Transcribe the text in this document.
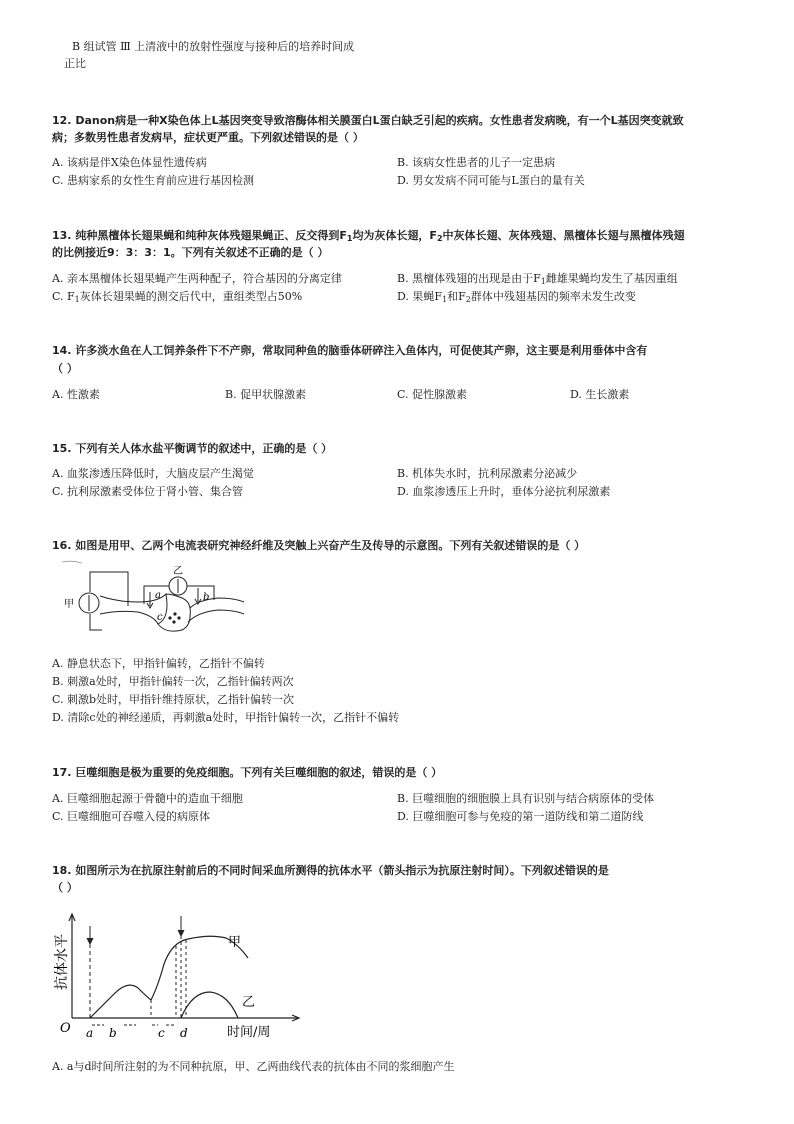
B 组试管 Ⅲ 上清液中的放射性强度与接种后的培养时间成
正比
12. Danon病是一种X染色体上L基因突变导致溶酶体相关膜蛋白L蛋白缺乏引起的疾病。女性患者发病晚，有一个L基因突变就致
病；多数男性患者发病早，症状更严重。下列叙述错误的是（ ）
A. 该病是伴X染色体显性遗传病	B. 该病女性患者的儿子一定患病
C. 患病家系的女性生育前应进行基因检测	D. 男女发病不同可能与L蛋白的量有关
13. 纯种黑檀体长翅果蝇和纯种灰体残翅果蝇正、反交得到$F_1$均为灰体长翅，$F_2$中灰体长翅、灰体残翅、黑檀体长翅与黑檀体残翅
的比例接近9：3：3：1。下列有关叙述不正确的是（ ）
A. 亲本黑檀体长翅果蝇产生两种配子，符合基因的分离定律	B. 黑檀体残翅的出现是由于$F_1$雌雄果蝇均发生了基因重组
C. $F_1$灰体长翅果蝇的测交后代中，重组类型占50%	D. 果蝇$F_1$和$F_2$群体中残翅基因的频率未发生改变
14. 许多淡水鱼在人工饲养条件下不产卵，常取同种鱼的脑垂体研碎注入鱼体内，可促使其产卵，这主要是利用垂体中含有
（ ）
A. 性激素	B. 促甲状腺激素	C. 促性腺激素	D. 生长激素
15. 下列有关人体水盐平衡调节的叙述中，正确的是（ ）
A. 血浆渗透压降低时，大脑皮层产生渴觉	B. 机体失水时，抗利尿激素分泌减少
C. 抗利尿激素受体位于肾小管、集合管	D. 血浆渗透压上升时，垂体分泌抗利尿激素
16. 如图是用甲、乙两个电流表研究神经纤维及突触上兴奋产生及传导的示意图。下列有关叙述错误的是（ ）
甲
c
a
乙
b
A. 静息状态下，甲指针偏转，乙指针不偏转
B. 刺激a处时，甲指针偏转一次，乙指针偏转两次
C. 刺激b处时，甲指针维持原状，乙指针偏转一次
D. 清除c处的神经递质，再刺激a处时，甲指针偏转一次，乙指针不偏转
17. 巨噬细胞是极为重要的免疫细胞。下列有关巨噬细胞的叙述，错误的是（ ）
A. 巨噬细胞起源于骨髓中的造血干细胞	B. 巨噬细胞的细胞膜上具有识别与结合病原体的受体
C. 巨噬细胞可吞噬入侵的病原体	D. 巨噬细胞可参与免疫的第一道防线和第二道防线
18. 如图所示为在抗原注射前后的不同时间采血所测得的抗体水平（箭头指示为抗原注射时间）。下列叙述错误的是
（ ）
抗体水平
O
甲
乙
a b	c d	时间/周
A. a与d时间所注射的为不同种抗原，甲、乙两曲线代表的抗体由不同的浆细胞产生
